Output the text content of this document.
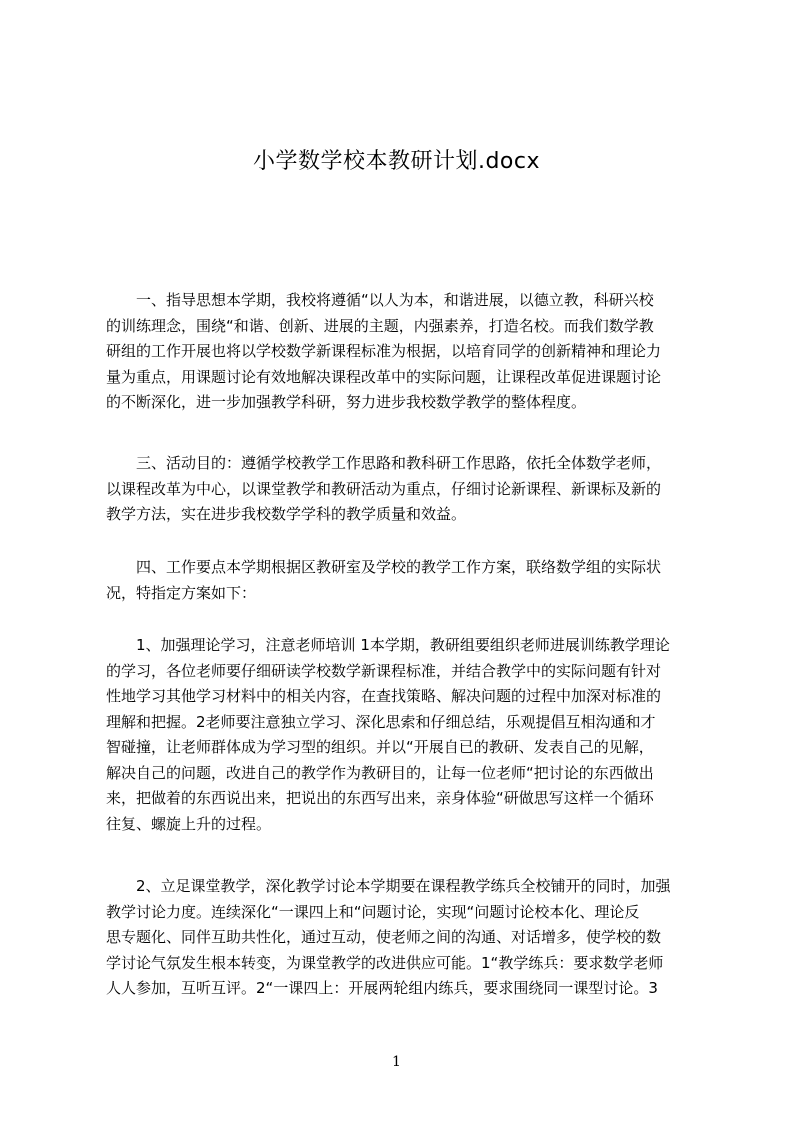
小学数学校本教研计划.docx
一、指导思想本学期，我校将遵循“以人为本，和谐进展，以德立教，科研兴校
的训练理念，围绕“和谐、创新、进展的主题，内强素养，打造名校。而我们数学教
研组的工作开展也将以学校数学新课程标准为根据，以培育同学的创新精神和理论力
量为重点，用课题讨论有效地解决课程改革中的实际问题，让课程改革促进课题讨论
的不断深化，进一步加强教学科研，努力进步我校数学教学的整体程度。
三、活动目的：遵循学校教学工作思路和教科研工作思路，依托全体数学老师，
以课程改革为中心，以课堂教学和教研活动为重点，仔细讨论新课程、新课标及新的
教学方法，实在进步我校数学学科的教学质量和效益。
四、工作要点本学期根据区教研室及学校的教学工作方案，联络数学组的实际状
况，特指定方案如下：
1、加强理论学习，注意老师培训 1本学期，教研组要组织老师进展训练教学理论
的学习，各位老师要仔细研读学校数学新课程标准，并结合教学中的实际问题有针对
性地学习其他学习材料中的相关内容，在查找策略、解决问题的过程中加深对标准的
理解和把握。2老师要注意独立学习、深化思索和仔细总结，乐观提倡互相沟通和才
智碰撞，让老师群体成为学习型的组织。并以“开展自已的教研、发表自己的见解，
解决自己的问题，改进自己的教学作为教研目的，让每一位老师“把讨论的东西做出
来，把做着的东西说出来，把说出的东西写出来，亲身体验“研做思写这样一个循环
往复、螺旋上升的过程。
2、立足课堂教学，深化教学讨论本学期要在课程教学练兵全校铺开的同时，加强
教学讨论力度。连续深化“一课四上和“问题讨论，实现“问题讨论校本化、理论反
思专题化、同伴互助共性化，通过互动，使老师之间的沟通、对话增多，使学校的数
学讨论气氛发生根本转变，为课堂教学的改进供应可能。1“教学练兵：要求数学老师
人人参加，互听互评。2“一课四上：开展两轮组内练兵，要求围绕同一课型讨论。3
1
